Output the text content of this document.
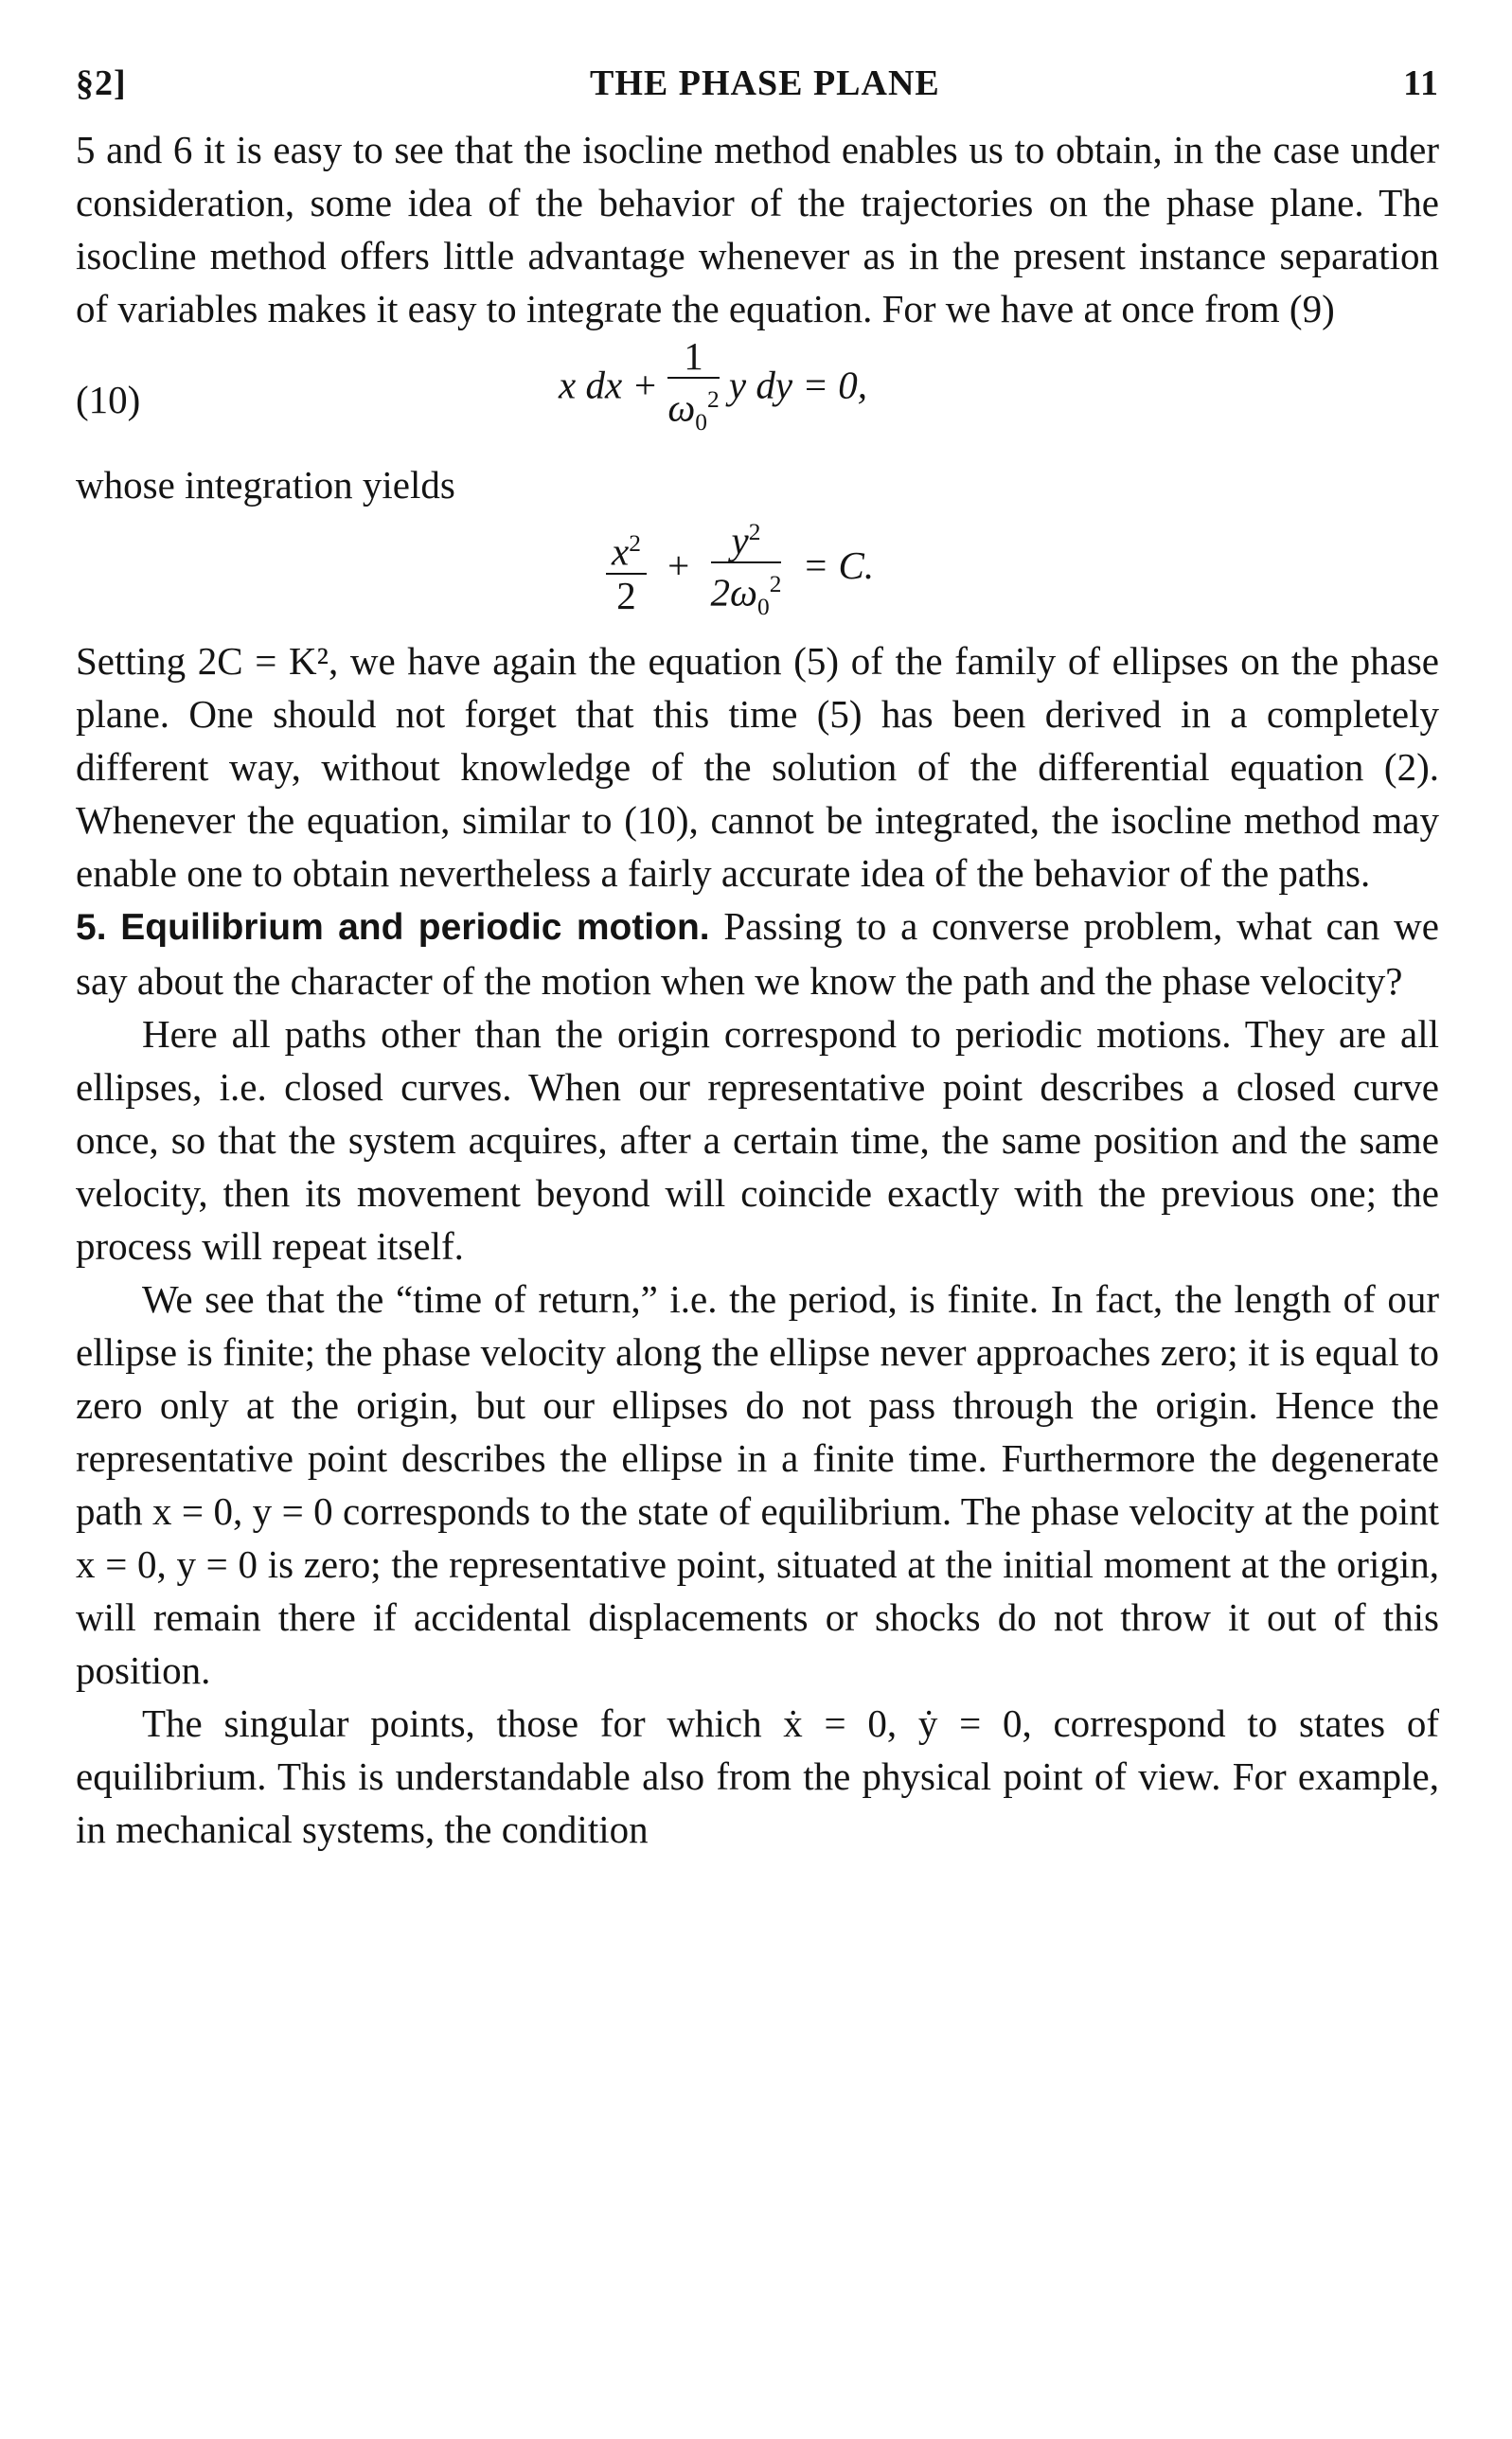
§2]	THE PHASE PLANE	11

5 and 6 it is easy to see that the isocline method enables us to obtain, in the case under consideration, some idea of the behavior of the trajectories on the phase plane. The isocline method offers little advantage whenever as in the present instance separation of variables makes it easy to integrate the equation. For we have at once from (9)

(10)	x dx + $\frac{1}{\omega_0^2}$ y dy = 0,

whose integration yields

$\frac{x^2}{2} + \frac{y^2}{2\omega_0^2} = C$.

Setting 2C = K², we have again the equation (5) of the family of ellipses on the phase plane. One should not forget that this time (5) has been derived in a completely different way, without knowledge of the solution of the differential equation (2). Whenever the equation, similar to (10), cannot be integrated, the isocline method may enable one to obtain nevertheless a fairly accurate idea of the behavior of the paths.

5. Equilibrium and periodic motion. Passing to a converse problem, what can we say about the character of the motion when we know the path and the phase velocity?

Here all paths other than the origin correspond to periodic motions. They are all ellipses, i.e. closed curves. When our representative point describes a closed curve once, so that the system acquires, after a certain time, the same position and the same velocity, then its movement beyond will coincide exactly with the previous one; the process will repeat itself.

We see that the “time of return,” i.e. the period, is finite. In fact, the length of our ellipse is finite; the phase velocity along the ellipse never approaches zero; it is equal to zero only at the origin, but our ellipses do not pass through the origin. Hence the representative point describes the ellipse in a finite time. Furthermore the degenerate path x = 0, y = 0 corresponds to the state of equilibrium. The phase velocity at the point x = 0, y = 0 is zero; the representative point, situated at the initial moment at the origin, will remain there if accidental displacements or shocks do not throw it out of this position.

The singular points, those for which ẋ = 0, ẏ = 0, correspond to states of equilibrium. This is understandable also from the physical point of view. For example, in mechanical systems, the condition
